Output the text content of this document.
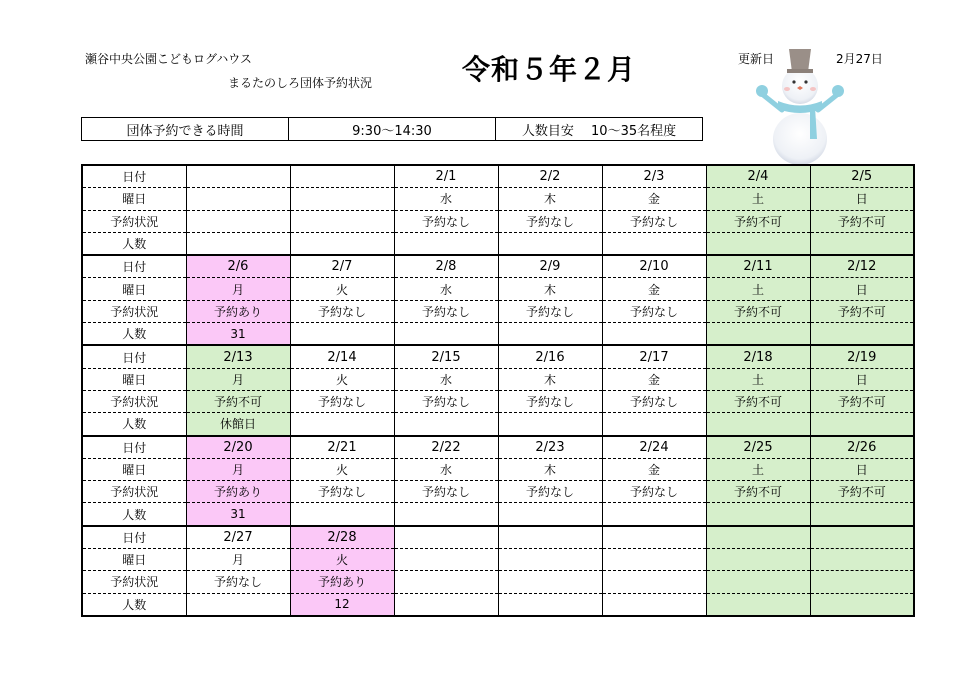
瀬谷中央公園こどもログハウス
まるたのしろ団体予約状況	令和５年２月	更新日	2月27日
団体予約できる時間	9:30～14:30	人数目安　 10～35名程度
日付			2/1	2/2	2/3	2/4	2/5
曜日			水	木	金	土	日
予約状況			予約なし	予約なし	予約なし	予約不可	予約不可
人数							
日付	2/6	2/7	2/8	2/9	2/10	2/11	2/12
曜日	月	火	水	木	金	土	日
予約状況	予約あり	予約なし	予約なし	予約なし	予約なし	予約不可	予約不可
人数	31						
日付	2/13	2/14	2/15	2/16	2/17	2/18	2/19
曜日	月	火	水	木	金	土	日
予約状況	予約不可	予約なし	予約なし	予約なし	予約なし	予約不可	予約不可
人数	休館日						
日付	2/20	2/21	2/22	2/23	2/24	2/25	2/26
曜日	月	火	水	木	金	土	日
予約状況	予約あり	予約なし	予約なし	予約なし	予約なし	予約不可	予約不可
人数	31						
日付	2/27	2/28					
曜日	月	火					
予約状況	予約なし	予約あり					
人数		12					
